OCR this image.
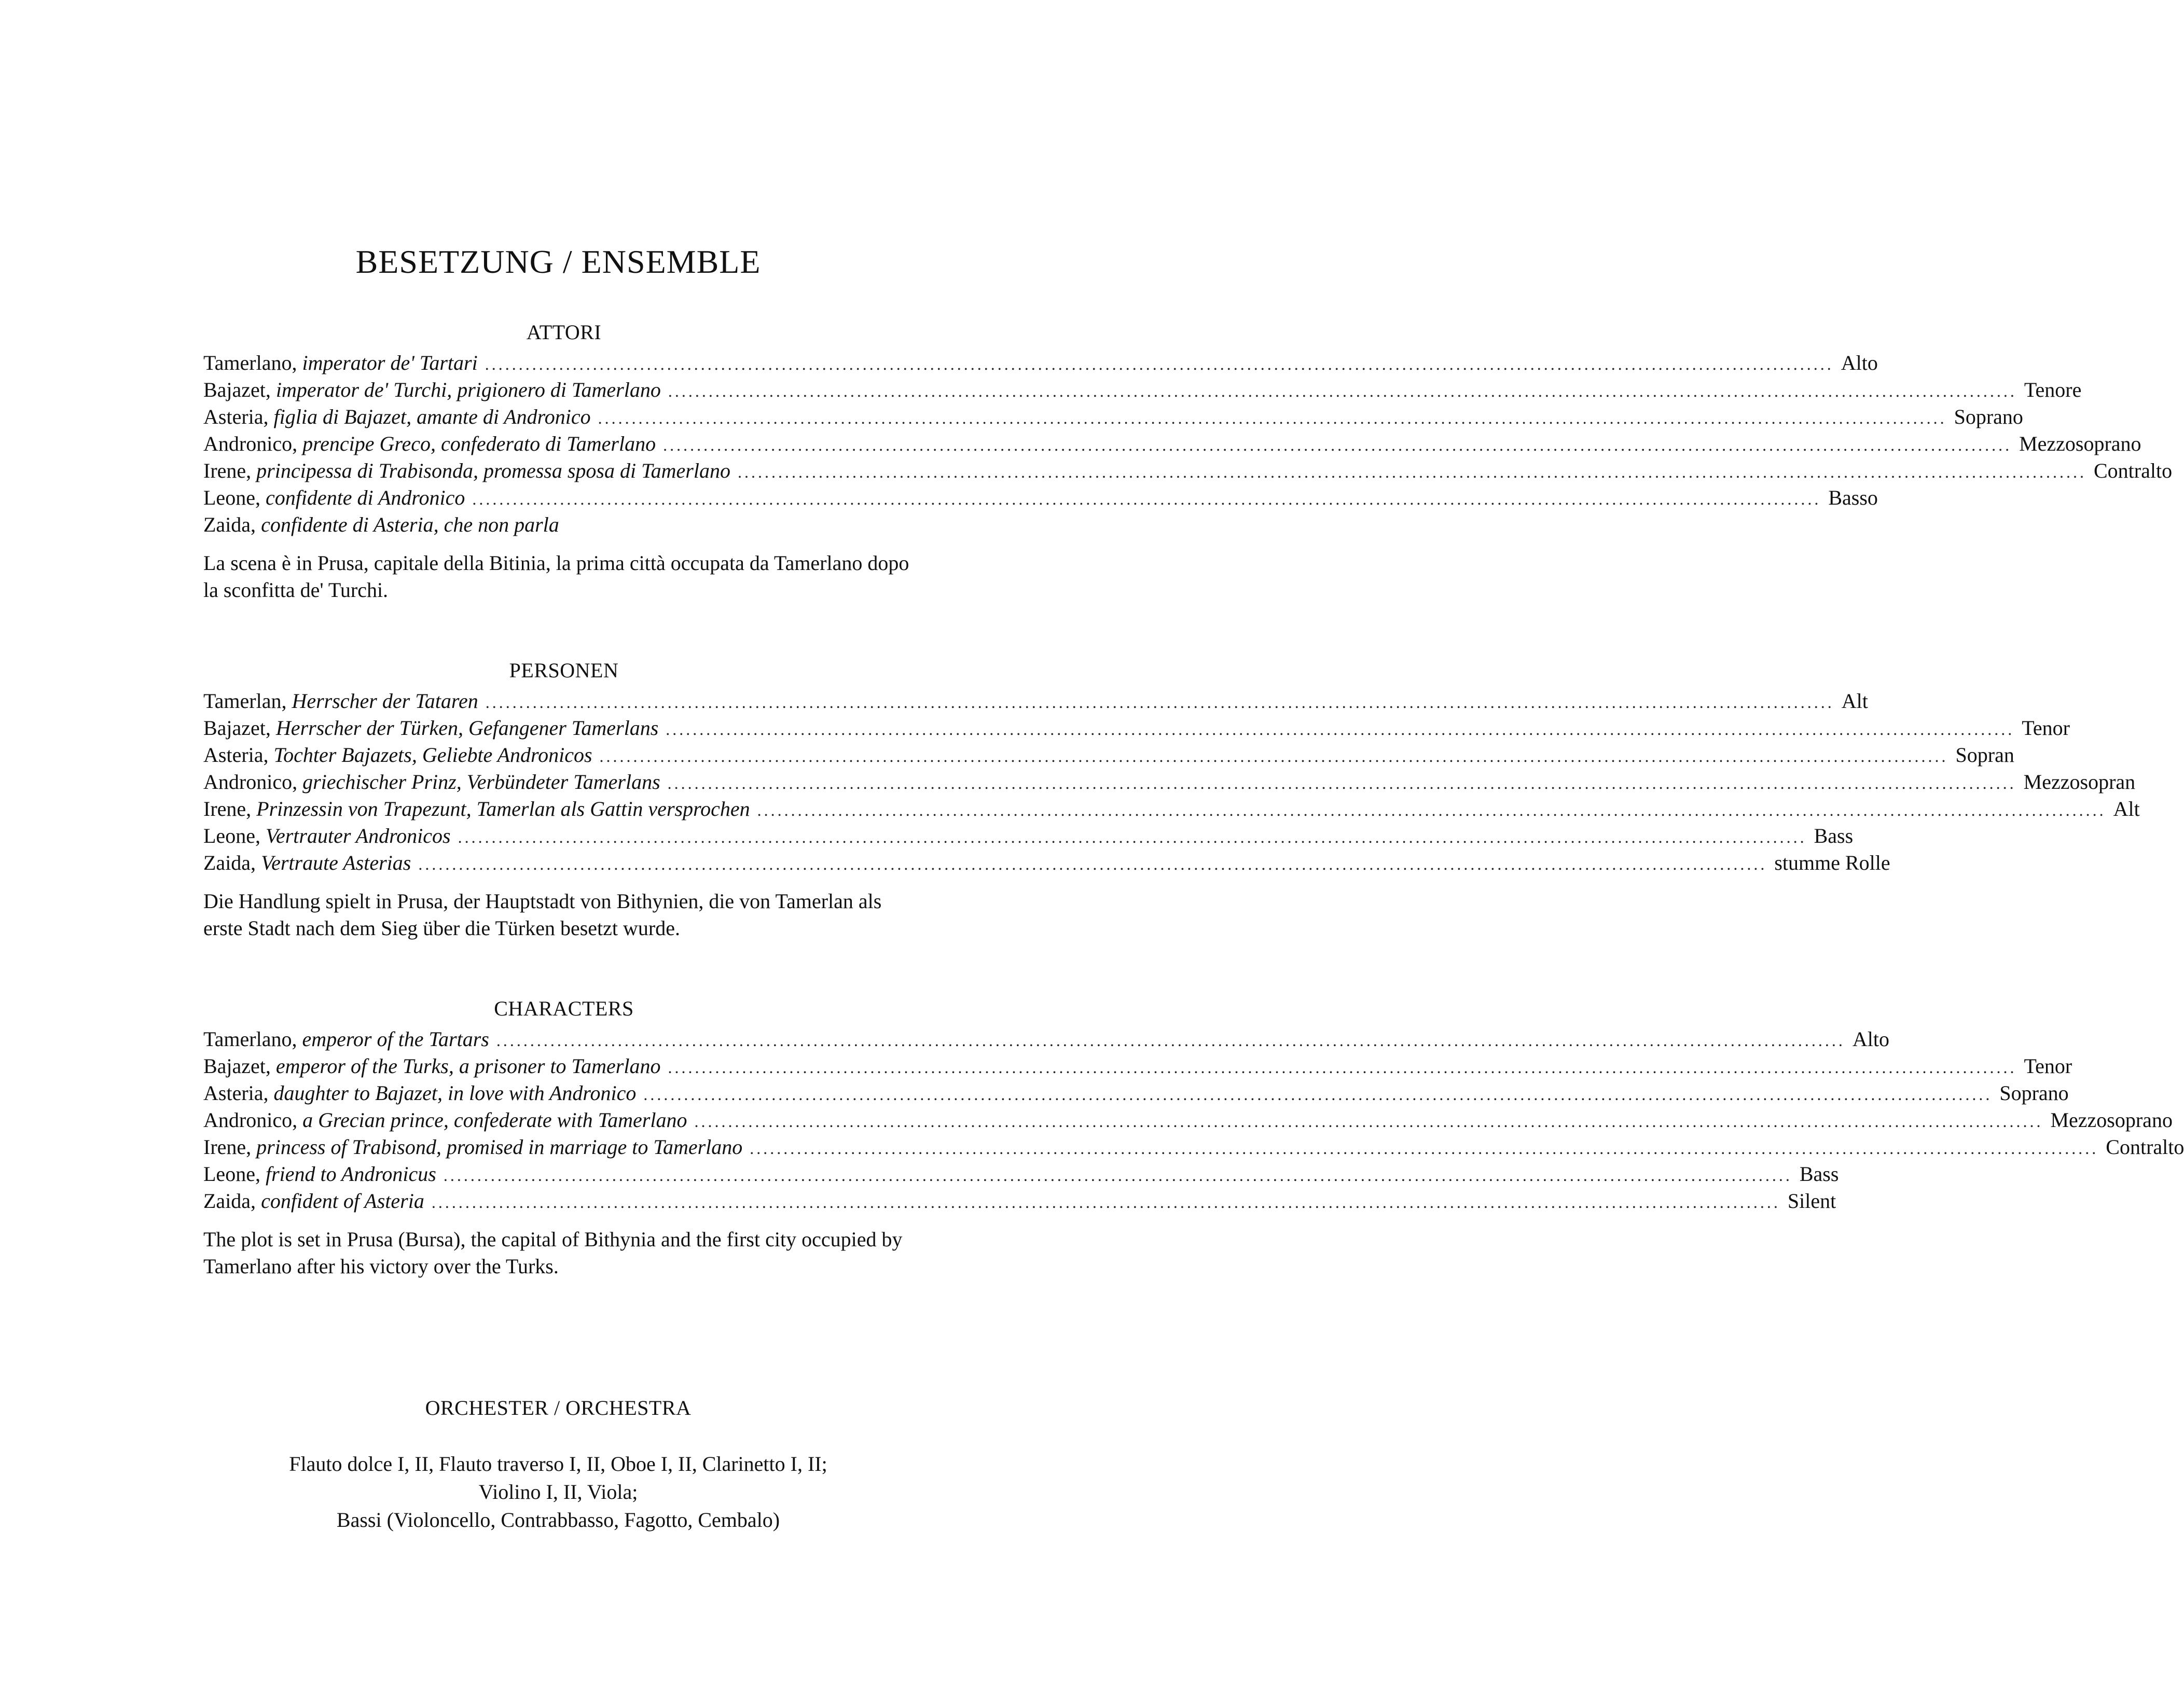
BESETZUNG / ENSEMBLE
ATTORI
Tamerlano,
imperator de' Tartari ........................................................................................................................................................................................................ Alto
Bajazet,
imperator de' Turchi, prigionero di Tamerlano ........................................................................................................................................................................................................ Tenore
Asteria,
figlia di Bajazet, amante di Andronico ........................................................................................................................................................................................................ Soprano
Andronico,
prencipe Greco, confederato di Tamerlano ........................................................................................................................................................................................................ Mezzosoprano
Irene,
principessa di Trabisonda, promessa sposa di Tamerlano ........................................................................................................................................................................................................ Contralto
Leone,
confidente di Andronico ........................................................................................................................................................................................................ Basso
Zaida,
confidente di Asteria, che non parla

La scena è in Prusa, capitale della Bitinia, la prima città occupata da Tamerlano dopo la sconfitta de' Turchi.

PERSONEN
Tamerlan,
Herrscher der Tataren ........................................................................................................................................................................................................ Alt
Bajazet,
Herrscher der Türken, Gefangener Tamerlans ........................................................................................................................................................................................................ Tenor
Asteria,
Tochter Bajazets, Geliebte Andronicos ........................................................................................................................................................................................................ Sopran
Andronico,
griechischer Prinz, Verbündeter Tamerlans ........................................................................................................................................................................................................ Mezzosopran
Irene,
Prinzessin von Trapezunt, Tamerlan als Gattin versprochen ........................................................................................................................................................................................................ Alt
Leone,
Vertrauter Andronicos ........................................................................................................................................................................................................ Bass
Zaida,
Vertraute Asterias ........................................................................................................................................................................................................ stumme Rolle

Die Handlung spielt in Prusa, der Hauptstadt von Bithynien, die von Tamerlan als erste Stadt nach dem Sieg über die Türken besetzt wurde.

CHARACTERS
Tamerlano,
emperor of the Tartars ........................................................................................................................................................................................................ Alto
Bajazet,
emperor of the Turks, a prisoner to Tamerlano ........................................................................................................................................................................................................ Tenor
Asteria,
daughter to Bajazet, in love with Andronico ........................................................................................................................................................................................................ Soprano
Andronico,
a Grecian prince, confederate with Tamerlano ........................................................................................................................................................................................................ Mezzosoprano
Irene,
princess of Trabisond, promised in marriage to Tamerlano ........................................................................................................................................................................................................ Contralto
Leone,
friend to Andronicus ........................................................................................................................................................................................................ Bass
Zaida,
confident of Asteria ........................................................................................................................................................................................................ Silent

The plot is set in Prusa (Bursa), the capital of Bithynia and the first city occupied by Tamerlano after his victory over the Turks.

ORCHESTER / ORCHESTRA
Flauto dolce I, II, Flauto traverso I, II, Oboe I, II, Clarinetto I, II;
Violino I, II, Viola;
Bassi (Violoncello, Contrabbasso, Fagotto, Cembalo)
